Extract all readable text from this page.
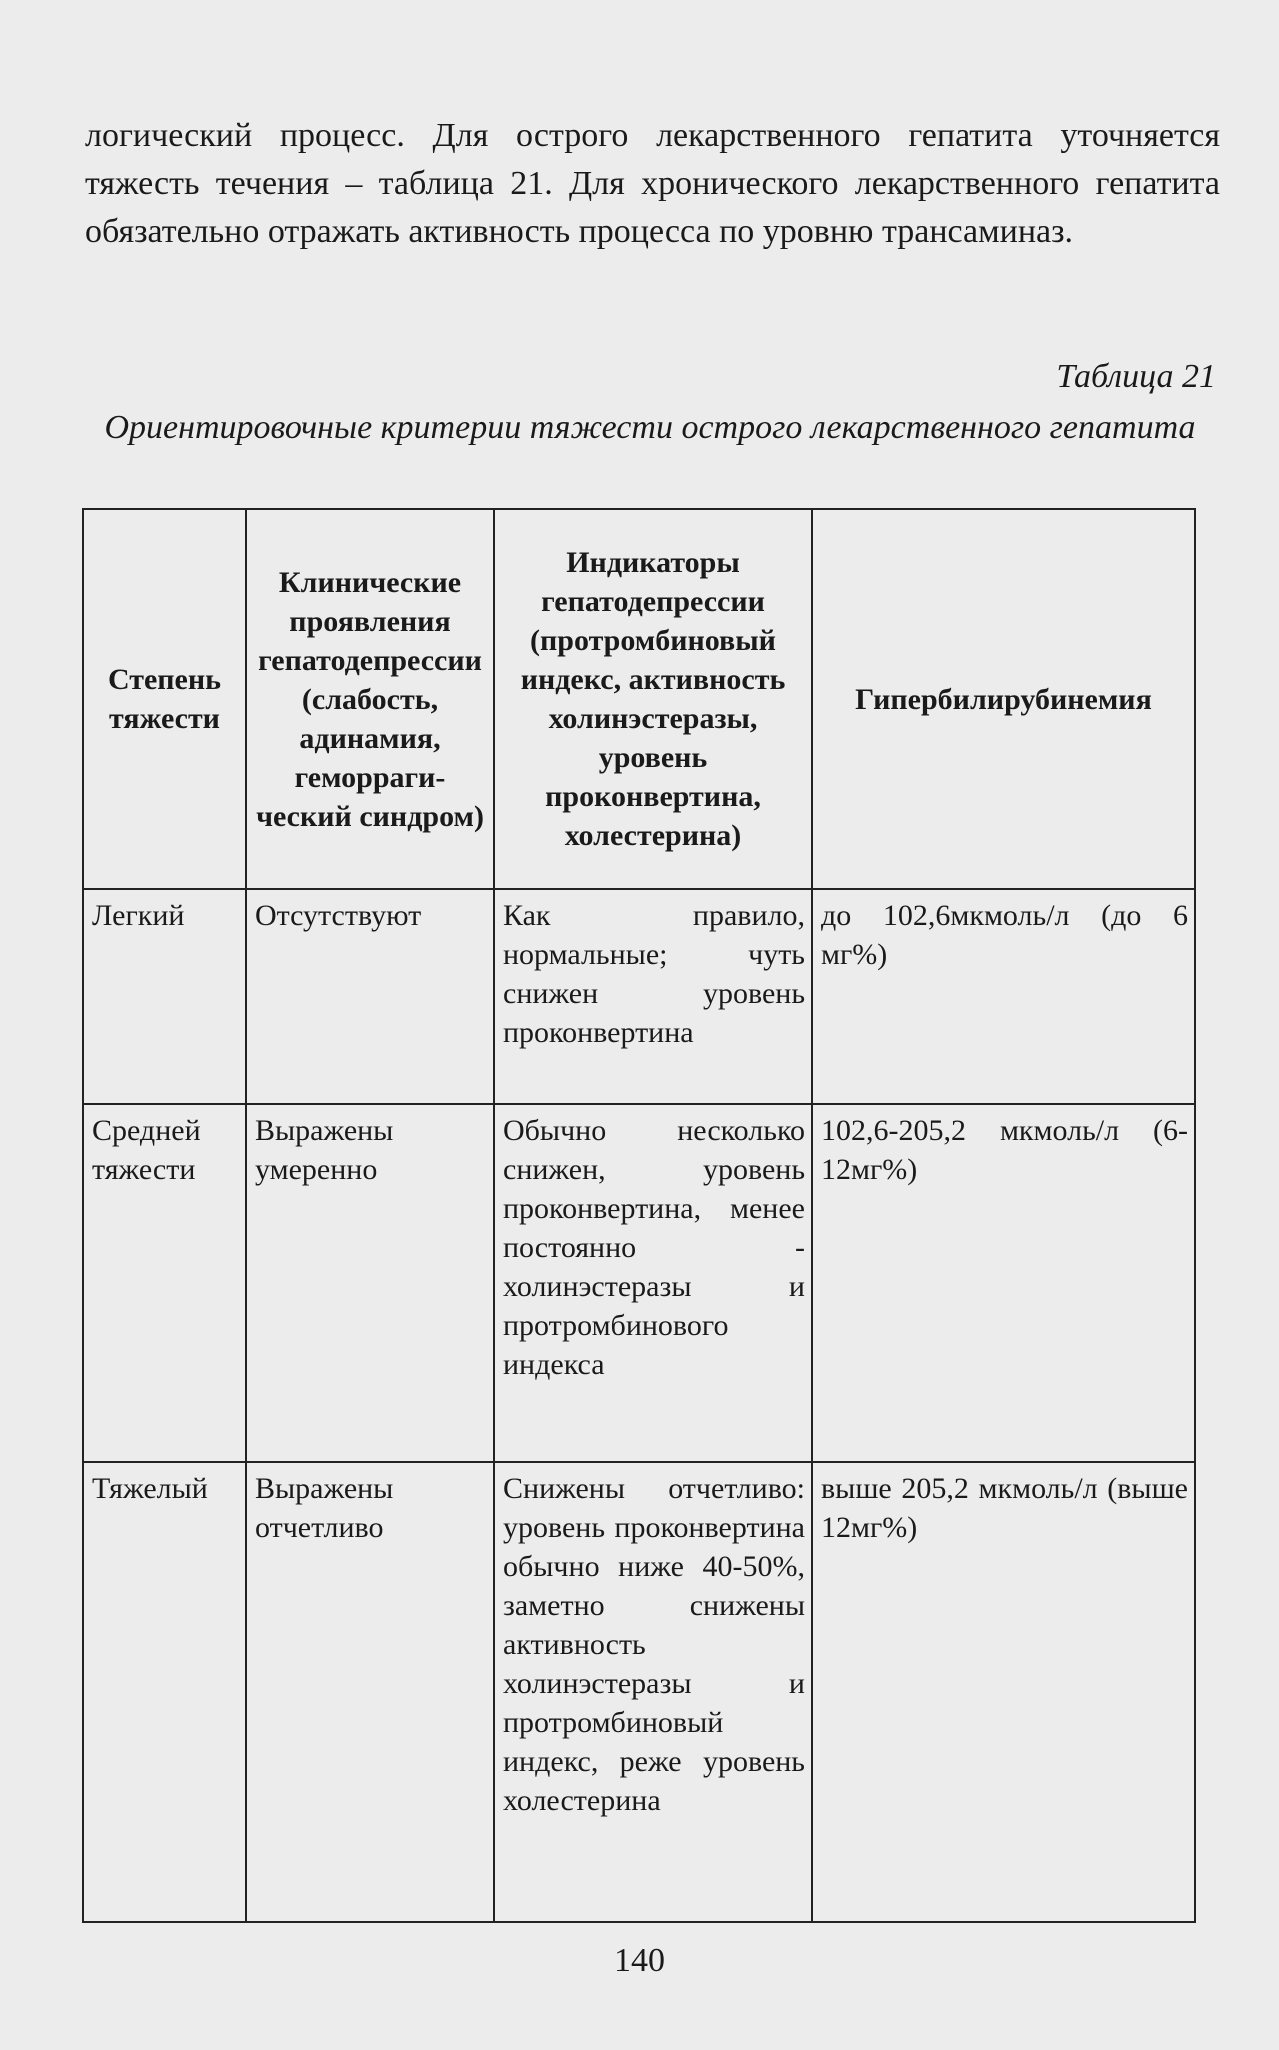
логический процесс. Для острого лекарственного гепатита уточняется тяжесть течения – таблица 21. Для хронического лекарственного гепатита обязательно отражать активность процесса по уровню трансаминаз.

Таблица 21

Ориентировочные критерии тяжести острого лекарственного гепатита

Степень тяжести	Клинические проявления гепатодепрессии (слабость, адинамия, геморраги-ческий синдром)	Индикаторы гепатодепрессии (протромбиновый индекс, активность холинэстеразы, уровень проконвертина, холестерина)	Гипербилирубинемия
Легкий	Отсутствуют	Как правило, нормальные; чуть снижен уровень проконвертина	до 102,6мкмоль/л (до 6 мг%)
Средней тяжести	Выражены умеренно	Обычно несколько снижен, уровень проконвертина, менее постоянно - холинэстеразы и протромбинового индекса	102,6-205,2 мкмоль/л (6-12мг%)
Тяжелый	Выражены отчетливо	Снижены отчетливо: уровень проконвертина обычно ниже 40-50%, заметно снижены активность холинэстеразы и протромбиновый индекс, реже уровень холестерина	выше 205,2 мкмоль/л (выше 12мг%)

140
